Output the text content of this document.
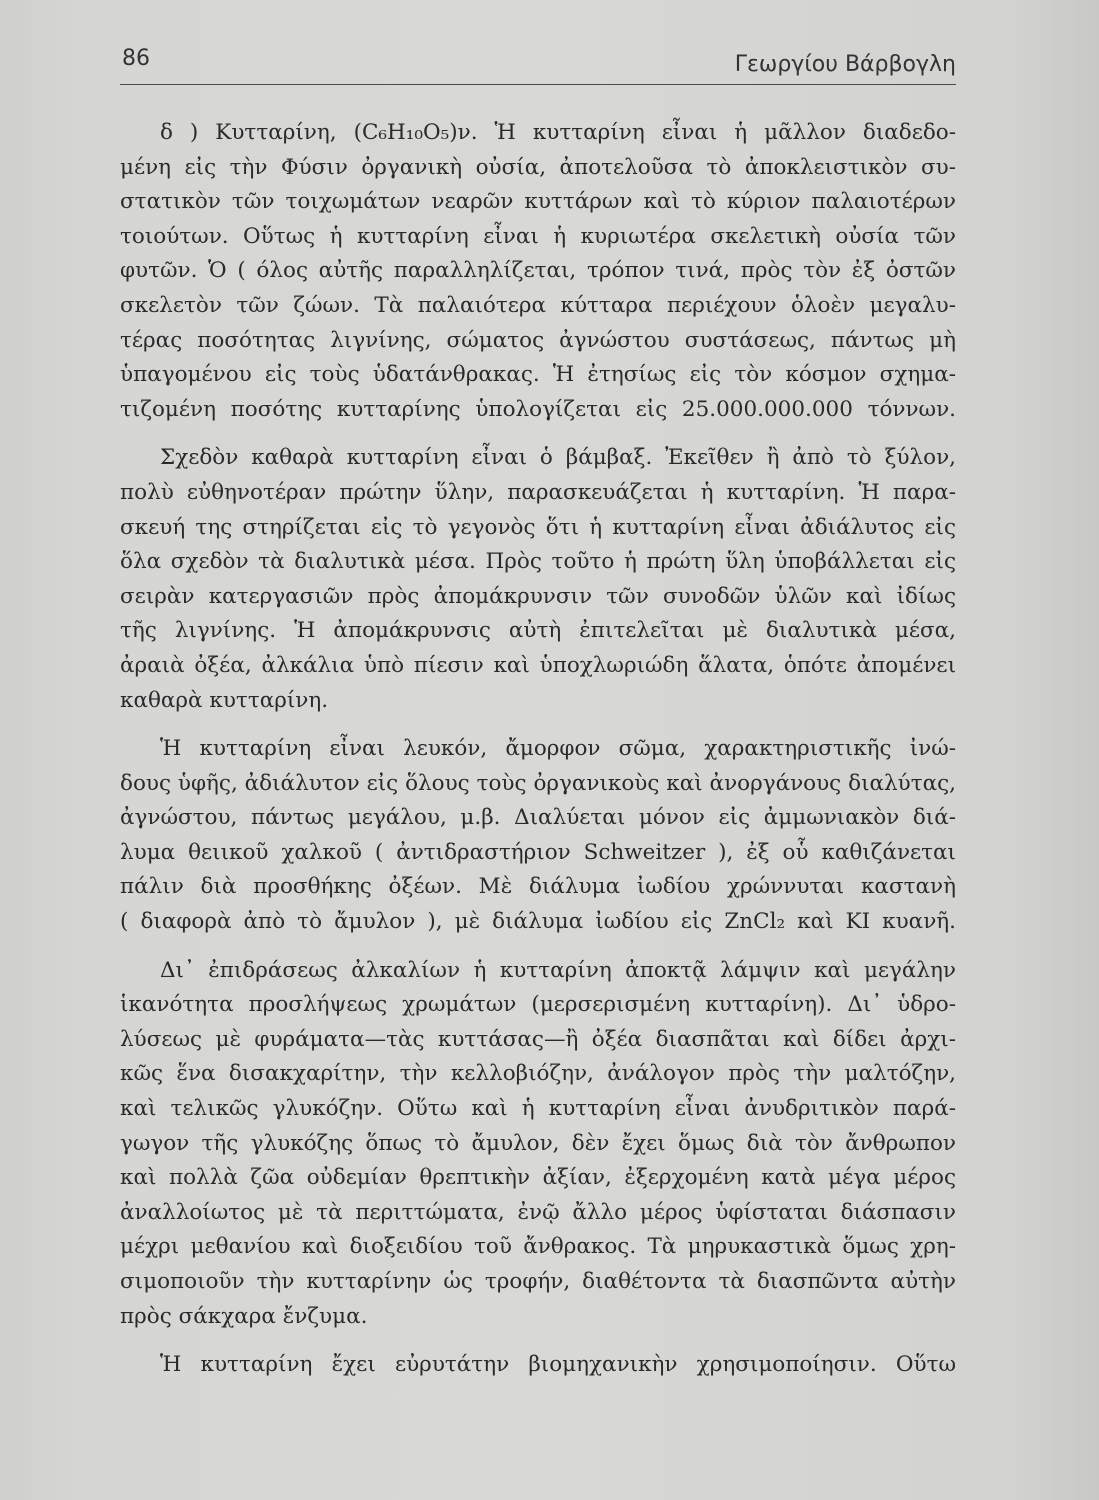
86	Γεωργίου Βάρβογλη
δ ) Κυτταρίνη, (C₆H₁₀O₅)ν. Ἡ κυτταρίνη εἶναι ἡ μᾶλλον διαδεδο-
μένη εἰς τὴν Φύσιν ὀργανικὴ οὐσία, ἀποτελοῦσα τὸ ἀποκλειστικὸν συ-
στατικὸν τῶν τοιχωμάτων νεαρῶν κυττάρων καὶ τὸ κύριον παλαιοτέρων
τοιούτων. Οὕτως ἡ κυτταρίνη εἶναι ἡ κυριωτέρα σκελετικὴ οὐσία τῶν
φυτῶν. Ὁ ( όλος αὐτῆς παραλληλίζεται, τρόπον τινά, πρὸς τὸν ἐξ ὀστῶν
σκελετὸν τῶν ζώων. Τὰ παλαιότερα κύτταρα περιέχουν ὁλοὲν μεγαλυ-
τέρας ποσότητας λιγνίνης, σώματος ἀγνώστου συστάσεως, πάντως μὴ
ὑπαγομένου εἰς τοὺς ὑδατάνθρακας. Ἡ ἐτησίως εἰς τὸν κόσμον σχημα-
τιζομένη ποσότης κυτταρίνης ὑπολογίζεται εἰς 25.000.000.000 τόννων.
Σχεδὸν καθαρὰ κυτταρίνη εἶναι ὁ βάμβαξ. Ἐκεῖθεν ἢ ἀπὸ τὸ ξύλον,
πολὺ εὐθηνοτέραν πρώτην ὕλην, παρασκευάζεται ἡ κυτταρίνη. Ἡ παρα-
σκευή της στηρίζεται εἰς τὸ γεγονὸς ὅτι ἡ κυτταρίνη εἶναι ἀδιάλυτος εἰς
ὅλα σχεδὸν τὰ διαλυτικὰ μέσα. Πρὸς τοῦτο ἡ πρώτη ὕλη ὑποβάλλεται εἰς
σειρὰν κατεργασιῶν πρὸς ἀπομάκρυνσιν τῶν συνοδῶν ὑλῶν καὶ ἰδίως
τῆς λιγνίνης. Ἡ ἀπομάκρυνσις αὐτὴ ἐπιτελεῖται μὲ διαλυτικὰ μέσα,
ἀραιὰ ὀξέα, ἀλκάλια ὑπὸ πίεσιν καὶ ὑποχλωριώδη ἅλατα, ὁπότε ἀπομένει
καθαρὰ κυτταρίνη.
Ἡ κυτταρίνη εἶναι λευκόν, ἄμορφον σῶμα, χαρακτηριστικῆς ἰνώ-
δους ὑφῆς, ἀδιάλυτον εἰς ὅλους τοὺς ὀργανικοὺς καὶ ἀνοργάνους διαλύτας,
ἀγνώστου, πάντως μεγάλου, μ.β. Διαλύεται μόνον εἰς ἀμμωνιακὸν διά-
λυμα θειικοῦ χαλκοῦ ( ἀντιδραστήριον Schweitzer ), ἐξ οὗ καθιζάνεται
πάλιν διὰ προσθήκης ὀξέων. Μὲ διάλυμα ἰωδίου χρώννυται καστανὴ
( διαφορὰ ἀπὸ τὸ ἄμυλον ), μὲ διάλυμα ἰωδίου εἰς ZnCl₂ καὶ KI κυανῆ.
Δι᾽ ἐπιδράσεως ἀλκαλίων ἡ κυτταρίνη ἀποκτᾷ λάμψιν καὶ μεγάλην
ἱκανότητα προσλήψεως χρωμάτων (μερσερισμένη κυτταρίνη). Δι᾽ ὑδρο-
λύσεως μὲ φυράματα—τὰς κυττάσας—ἢ ὀξέα διασπᾶται καὶ δίδει ἀρχι-
κῶς ἕνα δισακχαρίτην, τὴν κελλοβιόζην, ἀνάλογον πρὸς τὴν μαλτόζην,
καὶ τελικῶς γλυκόζην. Οὕτω καὶ ἡ κυτταρίνη εἶναι ἀνυδριτικὸν παρά-
γωγον τῆς γλυκόζης ὅπως τὸ ἄμυλον, δὲν ἔχει ὅμως διὰ τὸν ἄνθρωπον
καὶ πολλὰ ζῶα οὐδεμίαν θρεπτικὴν ἀξίαν, ἐξερχομένη κατὰ μέγα μέρος
ἀναλλοίωτος μὲ τὰ περιττώματα, ἐνῷ ἄλλο μέρος ὑφίσταται διάσπασιν
μέχρι μεθανίου καὶ διοξειδίου τοῦ ἄνθρακος. Τὰ μηρυκαστικὰ ὅμως χρη-
σιμοποιοῦν τὴν κυτταρίνην ὡς τροφήν, διαθέτοντα τὰ διασπῶντα αὐτὴν
πρὸς σάκχαρα ἔνζυμα.
Ἡ κυτταρίνη ἔχει εὐρυτάτην βιομηχανικὴν χρησιμοποίησιν. Οὕτω
